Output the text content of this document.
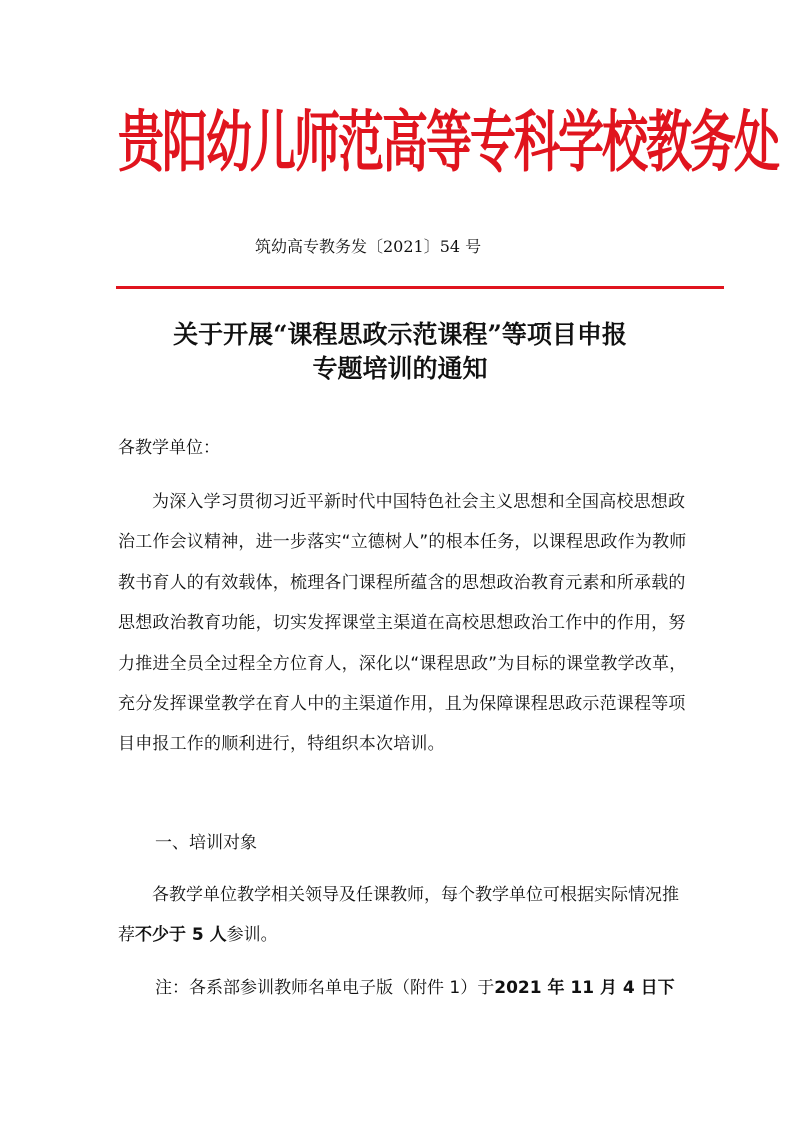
贵阳幼儿师范高等专科学校教务处
筑幼高专教务发〔2021〕54 号
关于开展“课程思政示范课程”等项目申报
专题培训的通知
各教学单位：
为深入学习贯彻习近平新时代中国特色社会主义思想和全国高校思想政治工作会议精神，进一步落实“立德树人”的根本任务，以课程思政作为教师教书育人的有效载体，梳理各门课程所蕴含的思想政治教育元素和所承载的思想政治教育功能，切实发挥课堂主渠道在高校思想政治工作中的作用，努力推进全员全过程全方位育人，深化以“课程思政”为目标的课堂教学改革，充分发挥课堂教学在育人中的主渠道作用，且为保障课程思政示范课程等项目申报工作的顺利进行，特组织本次培训。
一、培训对象
各教学单位教学相关领导及任课教师，每个教学单位可根据实际情况推荐不少于 5 人参训。
注：各系部参训教师名单电子版（附件 1）于2021 年 11 月 4 日下
